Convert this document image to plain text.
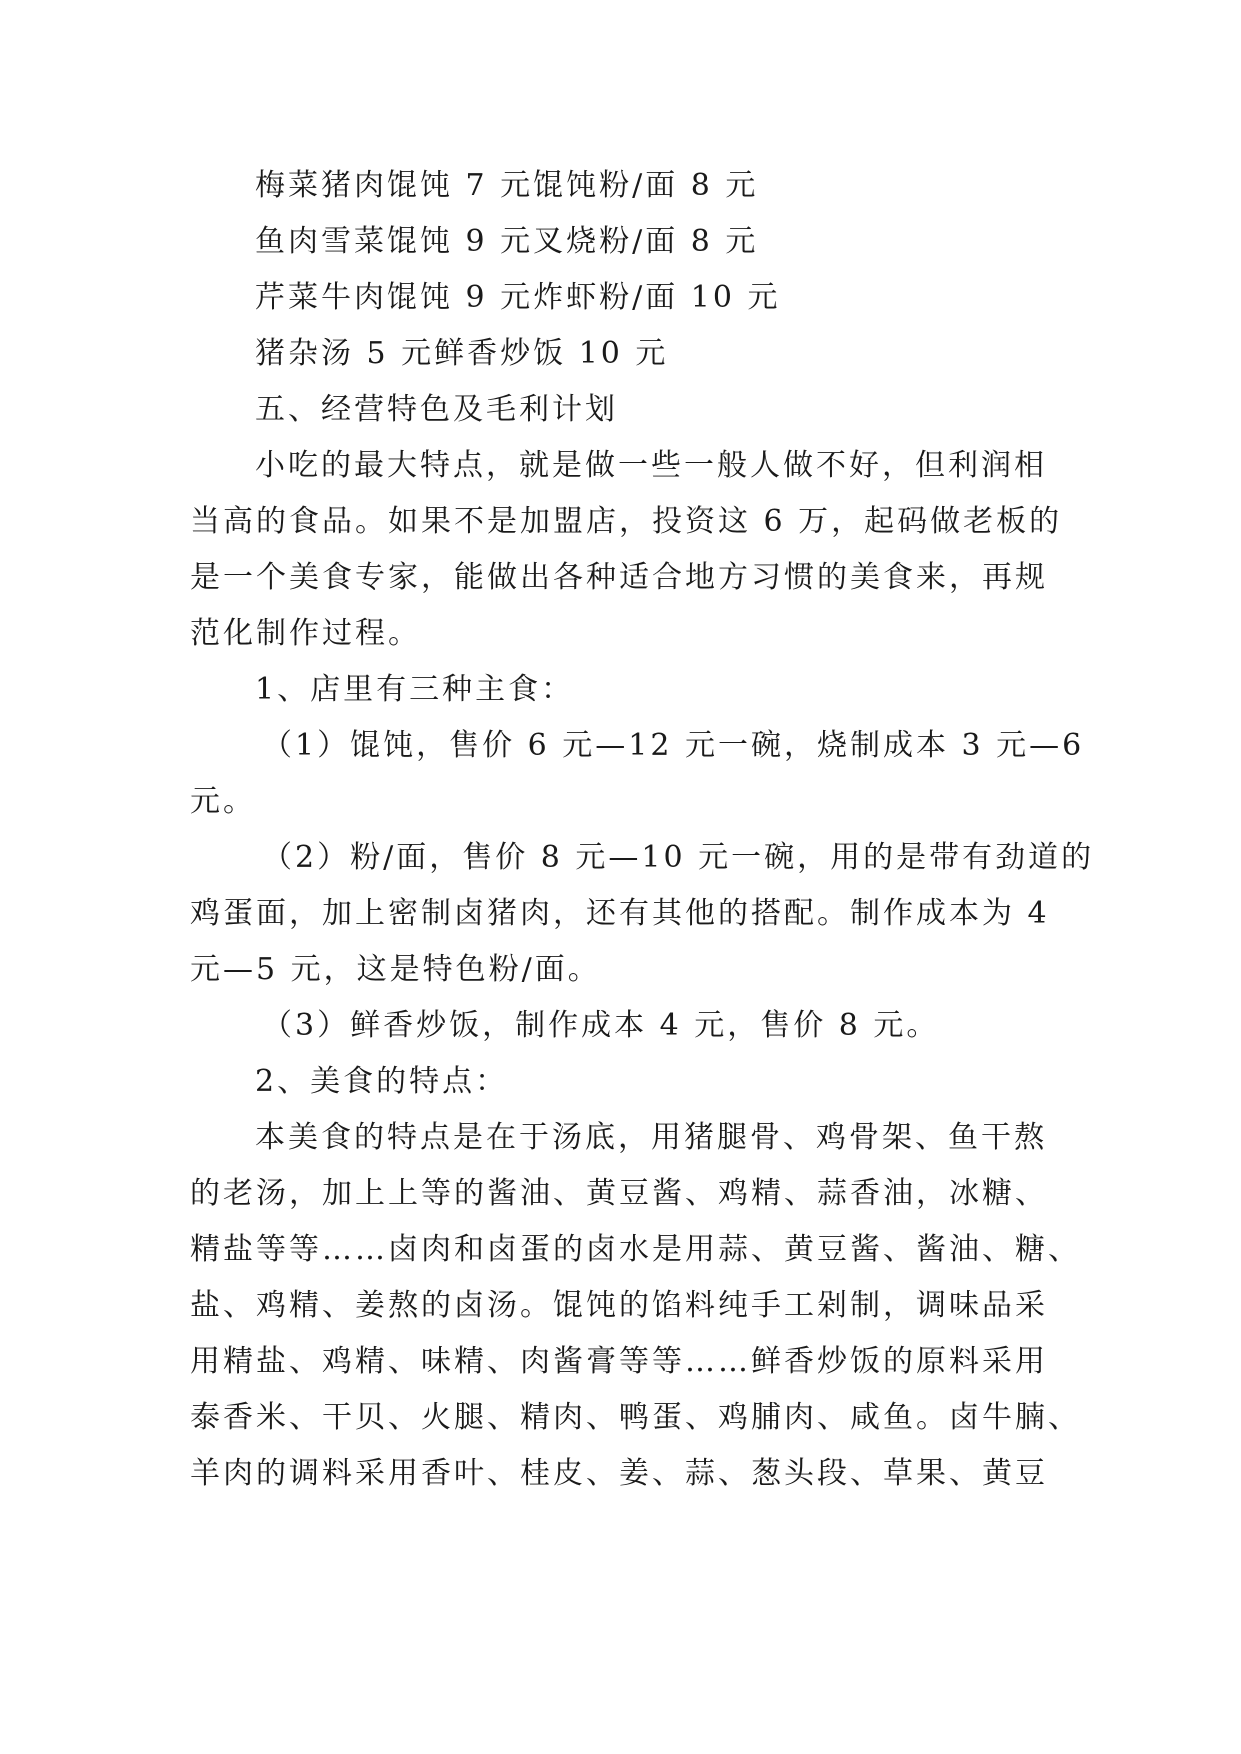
梅菜猪肉馄饨 7 元馄饨粉/面 8 元

鱼肉雪菜馄饨 9 元叉烧粉/面 8 元

芹菜牛肉馄饨 9 元炸虾粉/面 10 元

猪杂汤 5 元鲜香炒饭 10 元

五、经营特色及毛利计划

小吃的最大特点，就是做一些一般人做不好，但利润相

当高的食品。如果不是加盟店，投资这 6 万，起码做老板的

是一个美食专家，能做出各种适合地方习惯的美食来，再规

范化制作过程。

1、店里有三种主食：

（1）馄饨，售价 6 元—12 元一碗，烧制成本 3 元—6

元。

（2）粉/面，售价 8 元—10 元一碗，用的是带有劲道的

鸡蛋面，加上密制卤猪肉，还有其他的搭配。制作成本为 4

元—5 元，这是特色粉/面。

（3）鲜香炒饭，制作成本 4 元，售价 8 元。

2、美食的特点：

本美食的特点是在于汤底，用猪腿骨、鸡骨架、鱼干熬

的老汤，加上上等的酱油、黄豆酱、鸡精、蒜香油，冰糖、

精盐等等……卤肉和卤蛋的卤水是用蒜、黄豆酱、酱油、糖、

盐、鸡精、姜熬的卤汤。馄饨的馅料纯手工剁制，调味品采

用精盐、鸡精、味精、肉酱膏等等……鲜香炒饭的原料采用

泰香米、干贝、火腿、精肉、鸭蛋、鸡脯肉、咸鱼。卤牛腩、

羊肉的调料采用香叶、桂皮、姜、蒜、葱头段、草果、黄豆
